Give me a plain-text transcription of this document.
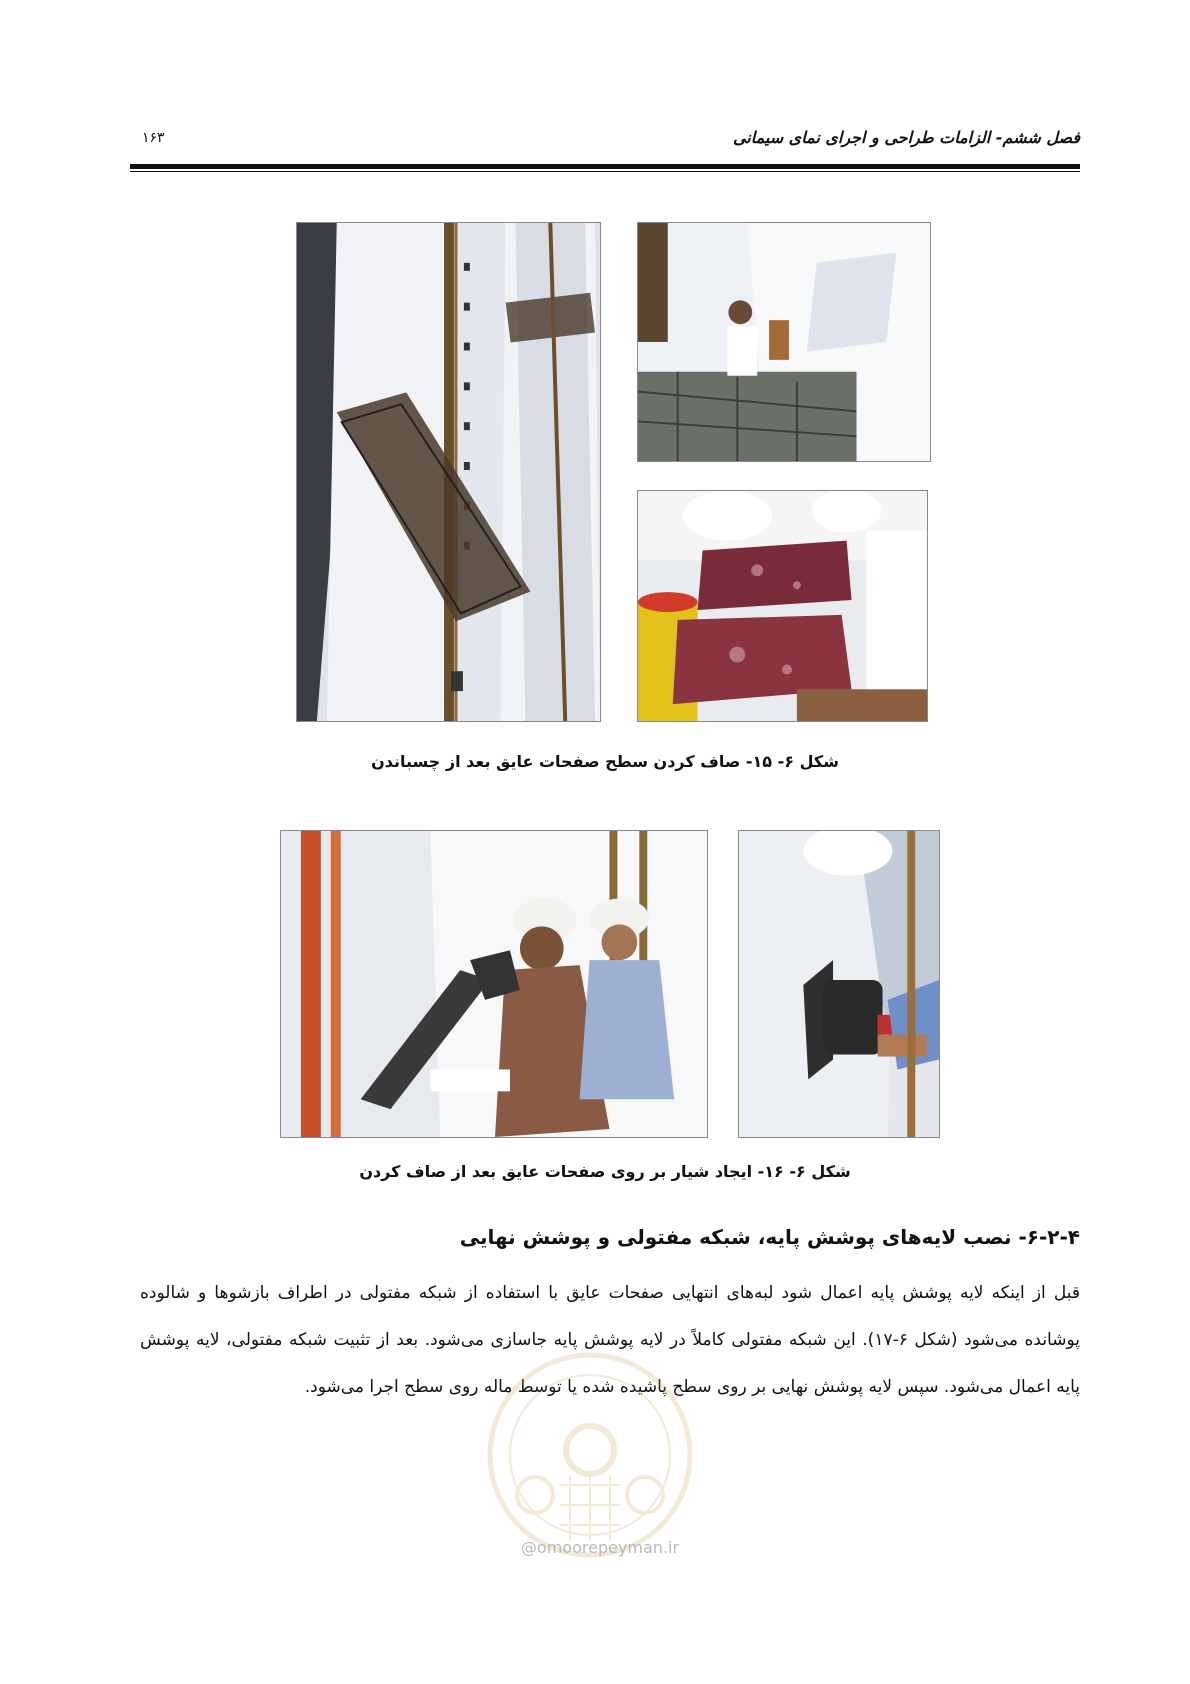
فصل ششم- الزامات طراحی و اجرای نمای سیمانی
۱۶۳
شکل ۶- ۱۵- صاف کردن سطح صفحات عایق بعد از چسباندن
شکل ۶- ۱۶- ایجاد شیار بر روی صفحات عایق بعد از صاف کردن
۶-۲-۴- نصب لایه‌های پوشش پایه، شبکه مفتولی و پوشش نهایی
قبل از اینکه لایه پوشش پایه اعمال شود لبه‌های انتهایی صفحات عایق با استفاده از شبکه مفتولی در اطراف بازشوها و شالوده پوشانده می‌شود (شکل ۶-۱۷). این شبکه مفتولی کاملاً در لایه پوشش پایه جاسازی می‌شود. بعد از تثبیت شبکه مفتولی، لایه پوشش پایه اعمال می‌شود. سپس لایه پوشش نهایی بر روی سطح پاشیده شده یا توسط ماله روی سطح اجرا می‌شود.
@omoorepeyman.ir
